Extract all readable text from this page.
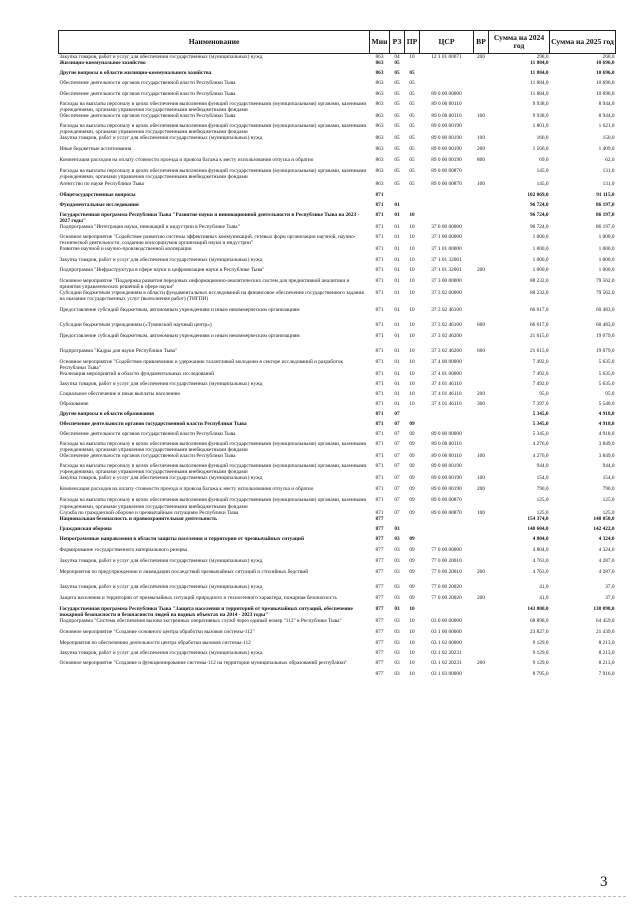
Наименование	Мин	РЗ	ПР	ЦСР	ВР	Сумма на 2024 год	Сумма на 2025 год
Закупка товаров, работ и услуг для обеспечения государственных (муниципальных) нужд	863	04	10	12 1 01 00071	200	298,0	268,0
Жилищно-коммунальное хозяйство	863	05				11 884,0	10 696,0
Другие вопросы в области жилищно-коммунального хозяйства	863	05	05			11 884,0	10 696,0
Обеспечение деятельности органов государственной власти Республики Тыва	863	05	05			11 884,0	10 696,0
Обеспечение деятельности органов государственной власти Республики Тыва	863	05	05	89 0 00 00000		11 884,0	10 696,0
Расходы на выплаты персоналу в целях обеспечения выполнения функций государственными (муниципальными) органами, казенными учреждениями, органами управления государственными внебюджетными фондами	863	05	05	89 0 00 00110		9 938,0	8 944,0
Обеспечение деятельности органов государственной власти Республики Тыва	863	05	05	89 0 00 00110	100	9 938,0	8 944,0
Расходы на выплаты персоналу в целях обеспечения выполнения функций государственными (муниципальными) органами, казенными учреждениями, органами управления государственными внебюджетными фондами	863	05	05	89 0 00 00190		1 801,0	1 621,0
Закупка товаров, работ и услуг для обеспечения государственных (муниципальных) нужд	863	05	05	89 0 00 00190	100	166,0	150,0
Иные бюджетные ассигнования	863	05	05	89 0 00 00190	200	1 566,0	1 409,0
Компенсация расходов на оплату стоимости проезда и провоза багажа к месту использования отпуска и обратно	863	05	05	89 0 00 00190	800	69,0	62,0
Расходы на выплаты персоналу в целях обеспечения выполнения функций государственными (муниципальными) органами, казенными учреждениями, органами управления государственными внебюджетными фондами	863	05	05	89 0 00 00870		145,0	131,0
Агентство по науке Республики Тыва	863	05	05	89 0 00 00870	100	145,0	131,0
Общегосударственные вопросы	871					102 069,0	91 115,0
Фундаментальные исследования	871	01				96 724,0	86 197,0
Государственная программа Республики Тыва "Развитие науки и инновационной деятельности в Республике Тыва на 2023 - 2027 годы"	871	01	10			96 724,0	86 197,0
Подпрограмма "Интеграция науки, инноваций и индустрии в Республике Тыва"	871	01	10	37 0 00 00000		96 724,0	86 197,0
Основное мероприятие "Содействие развитию системы эффективных коммуникаций, сетевых форм организации научной, научно-технической деятельности, созданию консорциумов организаций науки и индустрии"	871	01	10	37 1 00 00000		1 000,0	1 000,0
Развитие научной и научно-производственной кооперации	871	01	10	37 1 01 00000		1 000,0	1 000,0
Закупка товаров, работ и услуг для обеспечения государственных (муниципальных) нужд	871	01	10	37 1 01 32001		1 000,0	1 000,0
Подпрограмма "Инфраструктура в сфере науки и цифровизация науки в Республике Тыва"	871	01	10	37 1 01 32001	200	1 000,0	1 000,0
Основное мероприятие "Поддержка развития передовых информационно-аналитических систем для предиктивной аналитики и принятия управленческих решений в сфере науки"	871	01	10	37 3 00 00000		88 232,0	79 562,0
Субсидии бюджетным учреждениям в области фундаментальных исследований на финансовое обеспечение государственного задания на оказание государственных услуг (выполнение работ) (ТИГПИ)	871	01	10	37 3 02 00000		88 232,0	79 562,0
Предоставление субсидий бюджетным, автономным учреждениям и иным некоммерческим организациям	871	01	10	37 3 02 46100		66 617,0	60 483,0
Субсидии бюджетным учреждениям («Тувинский научный центр»)	871	01	10	37 3 02 46100	600	66 617,0	60 483,0
Предоставление субсидий бюджетным, автономным учреждениям и иным некоммерческим организациям	871	01	10	37 3 02 46200		21 615,0	19 079,0
Подпрограмма "Кадры для науки Республики Тыва"	871	01	10	37 3 02 46200	600	21 615,0	19 079,0
Основное мероприятие "Содействие привлечению и удержанию талантливой молодежи в секторе исследований и разработок Республики Тыва"	871	01	10	37 4 00 00000		7 492,0	5 635,0
Реализация мероприятий в области фундаментальных исследований	871	01	10	37 4 01 00000		7 492,0	5 635,0
Закупка товаров, работ и услуг для обеспечения государственных (муниципальных) нужд	871	01	10	37 4 01 46110		7 492,0	5 635,0
Социальное обеспечение и иные выплаты населению	871	01	10	37 4 01 46110	200	95,0	95,0
Образование	871	01	10	37 4 01 46110	300	7 397,0	5 540,0
Другие вопросы в области образования	871	07				5 345,0	4 918,0
Обеспечение деятельности органов государственной власти Республики Тыва	871	07	09			5 345,0	4 918,0
Обеспечение деятельности органов государственной власти Республики Тыва	871	07	09	89 0 00 00000		5 345,0	4 918,0
Расходы на выплаты персоналу в целях обеспечения выполнения функций государственными (муниципальными) органами, казенными учреждениями, органами управления государственными внебюджетными фондами	871	07	09	89 0 00 00110		4 276,0	3 849,0
Обеспечение деятельности органов государственной власти Республики Тыва	871	07	09	89 0 00 00110	100	4 276,0	3 849,0
Расходы на выплаты персоналу в целях обеспечения выполнения функций государственными (муниципальными) органами, казенными учреждениями, органами управления государственными внебюджетными фондами	871	07	09	89 0 00 00190		944,0	944,0
Закупка товаров, работ и услуг для обеспечения государственных (муниципальных) нужд	871	07	09	89 0 00 00190	100	154,0	154,0
Компенсация расходов на оплату стоимости проезда и провоза багажа к месту использования отпуска и обратно	871	07	09	89 0 00 00190	200	790,0	790,0
Расходы на выплаты персоналу в целях обеспечения выполнения функций государственными (муниципальными) органами, казенными учреждениями, органами управления государственными внебюджетными фондами	871	07	09	89 0 00 00870		125,0	125,0
Служба по гражданской обороне и чрезвычайным ситуациям Республики Тыва	871	07	09	89 0 00 00870	100	125,0	125,0
Национальная безопасность и правоохранительная деятельность	877					154 374,0	148 050,0
Гражданская оборона	877	03				148 604,0	142 422,0
Непрограммные направления в области защиты населения и территории от чрезвычайных ситуаций	877	03	09			4 804,0	4 324,0
Формирование государственного материального резерва	877	03	09	77 0 00 00000		4 804,0	4 324,0
Закупка товаров, работ и услуг для обеспечения государственных (муниципальных) нужд	877	03	09	77 0 00 20010		4 763,0	4 287,0
Мероприятия по предупреждению и ликвидации последствий чрезвычайных ситуаций и стихийных бедствий	877	03	09	77 0 00 20010	200	4 763,0	4 287,0
Закупка товаров, работ и услуг для обеспечения государственных (муниципальных) нужд	877	03	09	77 0 00 20020		41,0	37,0
Защита населения и территории от чрезвычайных ситуаций природного и техногенного характера, пожарная безопасность	877	03	09	77 0 00 20020	200	41,0	37,0
Государственная программа Республики Тыва "Защита населения и территорий от чрезвычайных ситуаций, обеспечение пожарной безопасности и безопасности людей на водных объектах на 2014 - 2023 годы"	877	03	10			143 800,0	138 098,0
Подпрограмма "Система обеспечения вызова экстренных оперативных служб через единый номер "112" в Республике Тыва"	877	03	10	03 0 00 00000		68 898,0	64 459,0
Основное мероприятие "Создание основного центра обработки вызовов системы-112"	877	03	10	03 1 00 00000		23 827,0	21 439,0
Мероприятия по обеспечению деятельности центра обработки вызовов системы-112	877	03	10	03 1 02 00000		9 129,0	8 213,0
Закупка товаров, работ и услуг для обеспечения государственных (муниципальных) нужд	877	03	10	03 1 02 20231		9 129,0	8 213,0
Основное мероприятие "Создание и функционирование системы-112 на территории муниципальных образований республики"	877	03	10	03 1 02 20231	200	9 129,0	8 213,0
	877	03	10	03 1 03 00000		8 795,0	7 916,0
3
